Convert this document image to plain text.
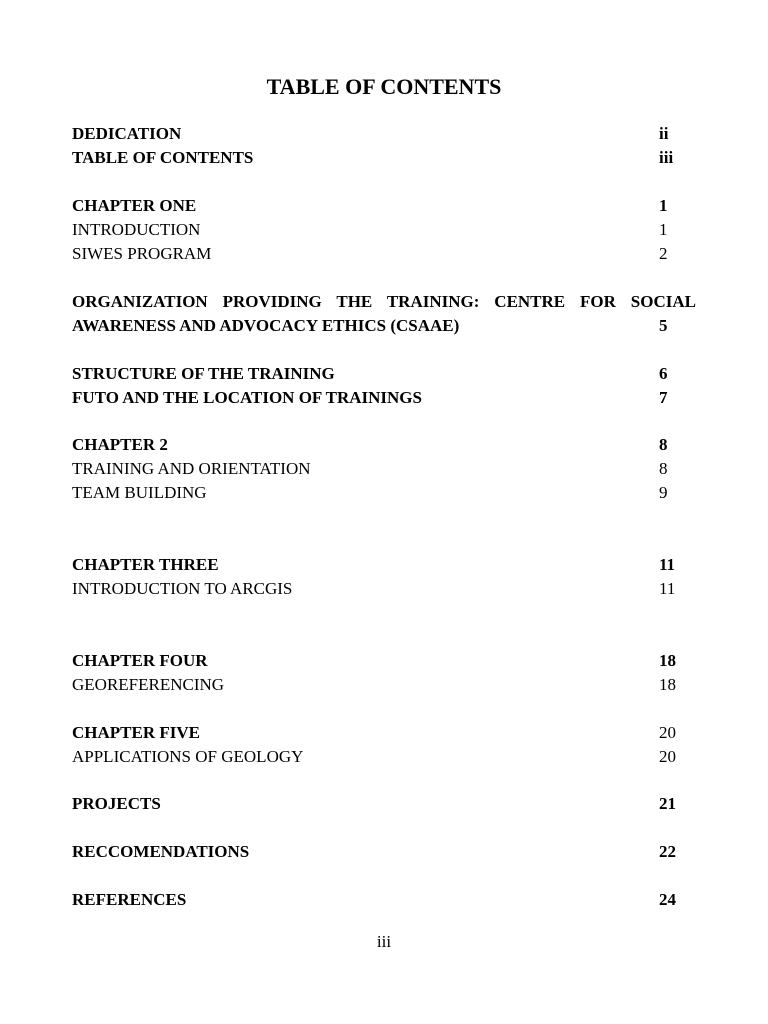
TABLE OF CONTENTS
DEDICATION	ii
TABLE OF CONTENTS	iii
CHAPTER ONE	1
INTRODUCTION	1
SIWES PROGRAM	2
ORGANIZATION PROVIDING THE TRAINING: CENTRE FOR SOCIAL
AWARENESS AND ADVOCACY ETHICS (CSAAE)	5
STRUCTURE OF THE TRAINING	6
FUTO AND THE LOCATION OF TRAININGS	7
CHAPTER 2	8
TRAINING AND ORIENTATION	8
TEAM BUILDING	9
CHAPTER THREE	11
INTRODUCTION TO ARCGIS	11
CHAPTER FOUR	18
GEOREFERENCING	18
CHAPTER FIVE	20
APPLICATIONS OF GEOLOGY	20
PROJECTS	21
RECCOMENDATIONS	22
REFERENCES	24
iii
